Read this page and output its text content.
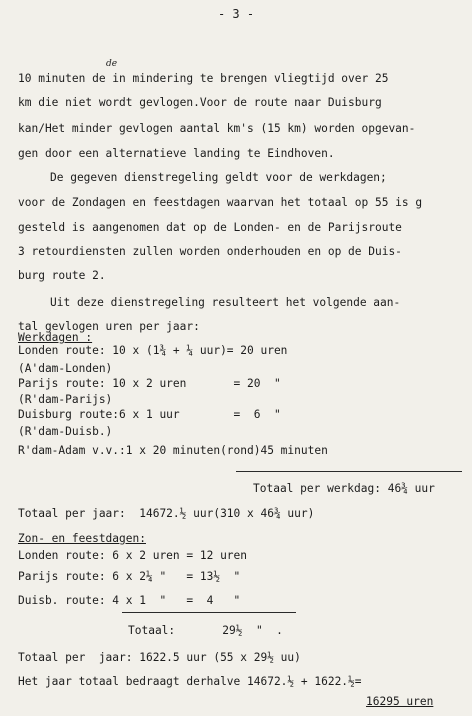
- 3 -
de
10 minuten de in mindering te brengen vliegtijd over 25
km die niet wordt gevlogen.Voor de route naar Duisburg
kan/Het minder gevlogen aantal km's (15 km) worden opgevan-
gen door een alternatieve landing te Eindhoven.
De gegeven dienstregeling geldt voor de werkdagen;
voor de Zondagen en feestdagen waarvan het totaal op 55 is g
gesteld is aangenomen dat op de Londen- en de Parijsroute
3 retourdiensten zullen worden onderhouden en op de Duis-
burg route 2.
Uit deze dienstregeling resulteert het volgende aan-
tal gevlogen uren per jaar:
Werkdagen :
Londen route: 10 x (1¾ + ¼ uur)= 20 uren
(A'dam-Londen)
Parijs route: 10 x 2 uren       = 20  "
(R'dam-Parijs)
Duisburg route:6 x 1 uur        =  6  "
(R'dam-Duisb.)
R'dam-Adam v.v.:1 x 20 minuten(rond)45 minuten
Totaal per werkdag: 46¾ uur
Totaal per jaar:  14672.½ uur(310 x 46¾ uur)
Zon- en feestdagen:
Londen route: 6 x 2 uren = 12 uren
Parijs route: 6 x 2¼ "   = 13½  "
Duisb. route: 4 x 1  "   =  4   "
Totaal:       29½  "  .
Totaal per  jaar: 1622.5 uur (55 x 29½ uu)
Het jaar totaal bedraagt derhalve 14672.½ + 1622.½=
16295 uren
